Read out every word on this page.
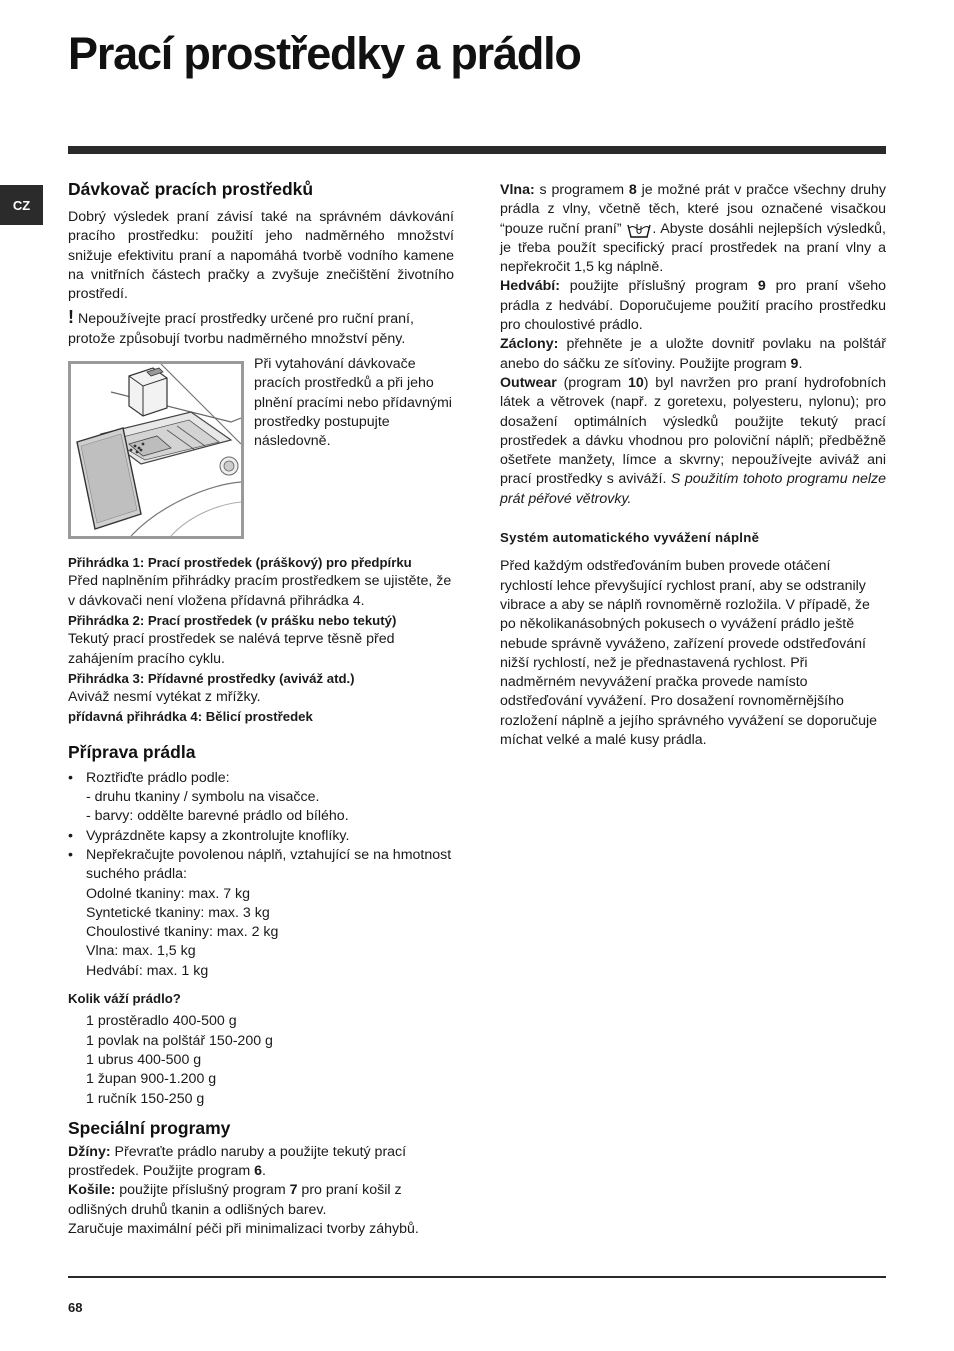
Prací prostředky a prádlo
CZ
Dávkovač pracích prostředků

Dobrý výsledek praní závisí také na správném dávkování pracího prostředku: použití jeho nadměrného množství snižuje efektivitu praní a napomáhá tvorbě vodního kamene na vnitřních částech pračky a zvyšuje znečištění životního prostředí.

! Nepoužívejte prací prostředky určené pro ruční praní, protože způsobují tvorbu nadměrného množství pěny.

Při vytahování dávkovače pracích prostředků a při jeho plnění pracími nebo přídavnými prostředky postupujte následovně.

Přihrádka 1: Prací prostředek (práškový) pro předpírku

Před naplněním přihrádky pracím prostředkem se ujistěte, že v dávkovači není vložena přídavná přihrádka 4.

Přihrádka 2: Prací prostředek (v prášku nebo tekutý)

Tekutý prací prostředek se nalévá teprve těsně před zahájením pracího cyklu.

Přihrádka 3: Přídavné prostředky (aviváž atd.)

Aviváž nesmí vytékat z mřížky.

přídavná přihrádka 4: Bělicí prostředek
Příprava prádla
• Roztřiďte prádlo podle:
- druhu tkaniny / symbolu na visačce.
- barvy: oddělte barevné prádlo od bílého.
• Vyprázdněte kapsy a zkontrolujte knoflíky.
• Nepřekračujte povolenou náplň, vztahující se na hmotnost suchého prádla:
Odolné tkaniny: max. 7 kg
Syntetické tkaniny: max. 3 kg
Choulostivé tkaniny: max. 2 kg
Vlna: max. 1,5 kg
Hedvábí: max. 1 kg
Kolik váží prádlo?
1 prostěradlo 400-500 g
1 povlak na polštář 150-200 g
1 ubrus 400-500 g
1 župan 900-1.200 g
1 ručník 150-250 g
Speciální programy

Džíny: Převraťte prádlo naruby a použijte tekutý prací prostředek. Použijte program 6.

Košile: použijte příslušný program 7 pro praní košil z odlišných druhů tkanin a odlišných barev.

Zaručuje maximální péči při minimalizaci tvorby záhybů.

Vlna: s programem 8 je možné prát v pračce všechny druhy prádla z vlny, včetně těch, které jsou označené visačkou “pouze ruční praní” . Abyste dosáhli nejlepších výsledků, je třeba použít specifický prací prostředek na praní vlny a nepřekročit 1,5 kg náplně.

Hedvábí: použijte příslušný program 9 pro praní všeho prádla z hedvábí. Doporučujeme použití pracího prostředku pro choulostivé prádlo.

Záclony: přehněte je a uložte dovnitř povlaku na polštář anebo do sáčku ze síťoviny. Použijte program 9.

Outwear (program 10) byl navržen pro praní hydrofobních látek a větrovek (např. z goretexu, polyesteru, nylonu); pro dosažení optimálních výsledků použijte tekutý prací prostředek a dávku vhodnou pro poloviční náplň; předběžně ošetřete manžety, límce a skvrny; nepoužívejte aviváž ani prací prostředky s aviváží. S použitím tohoto programu nelze prát péřové větrovky.

Systém automatického vyvážení náplně

Před každým odstřeďováním buben provede otáčení rychlostí lehce převyšující rychlost praní, aby se odstranily vibrace a aby se náplň rovnoměrně rozložila. V případě, že po několikanásobných pokusech o vyvážení prádlo ještě nebude správně vyváženo, zařízení provede odstřeďování nižší rychlostí, než je přednastavená rychlost. Při nadměrném nevyvážení pračka provede namísto odstřeďování vyvážení. Pro dosažení rovnoměrnějšího rozložení náplně a jejího správného vyvážení se doporučuje míchat velké a malé kusy prádla.

68
